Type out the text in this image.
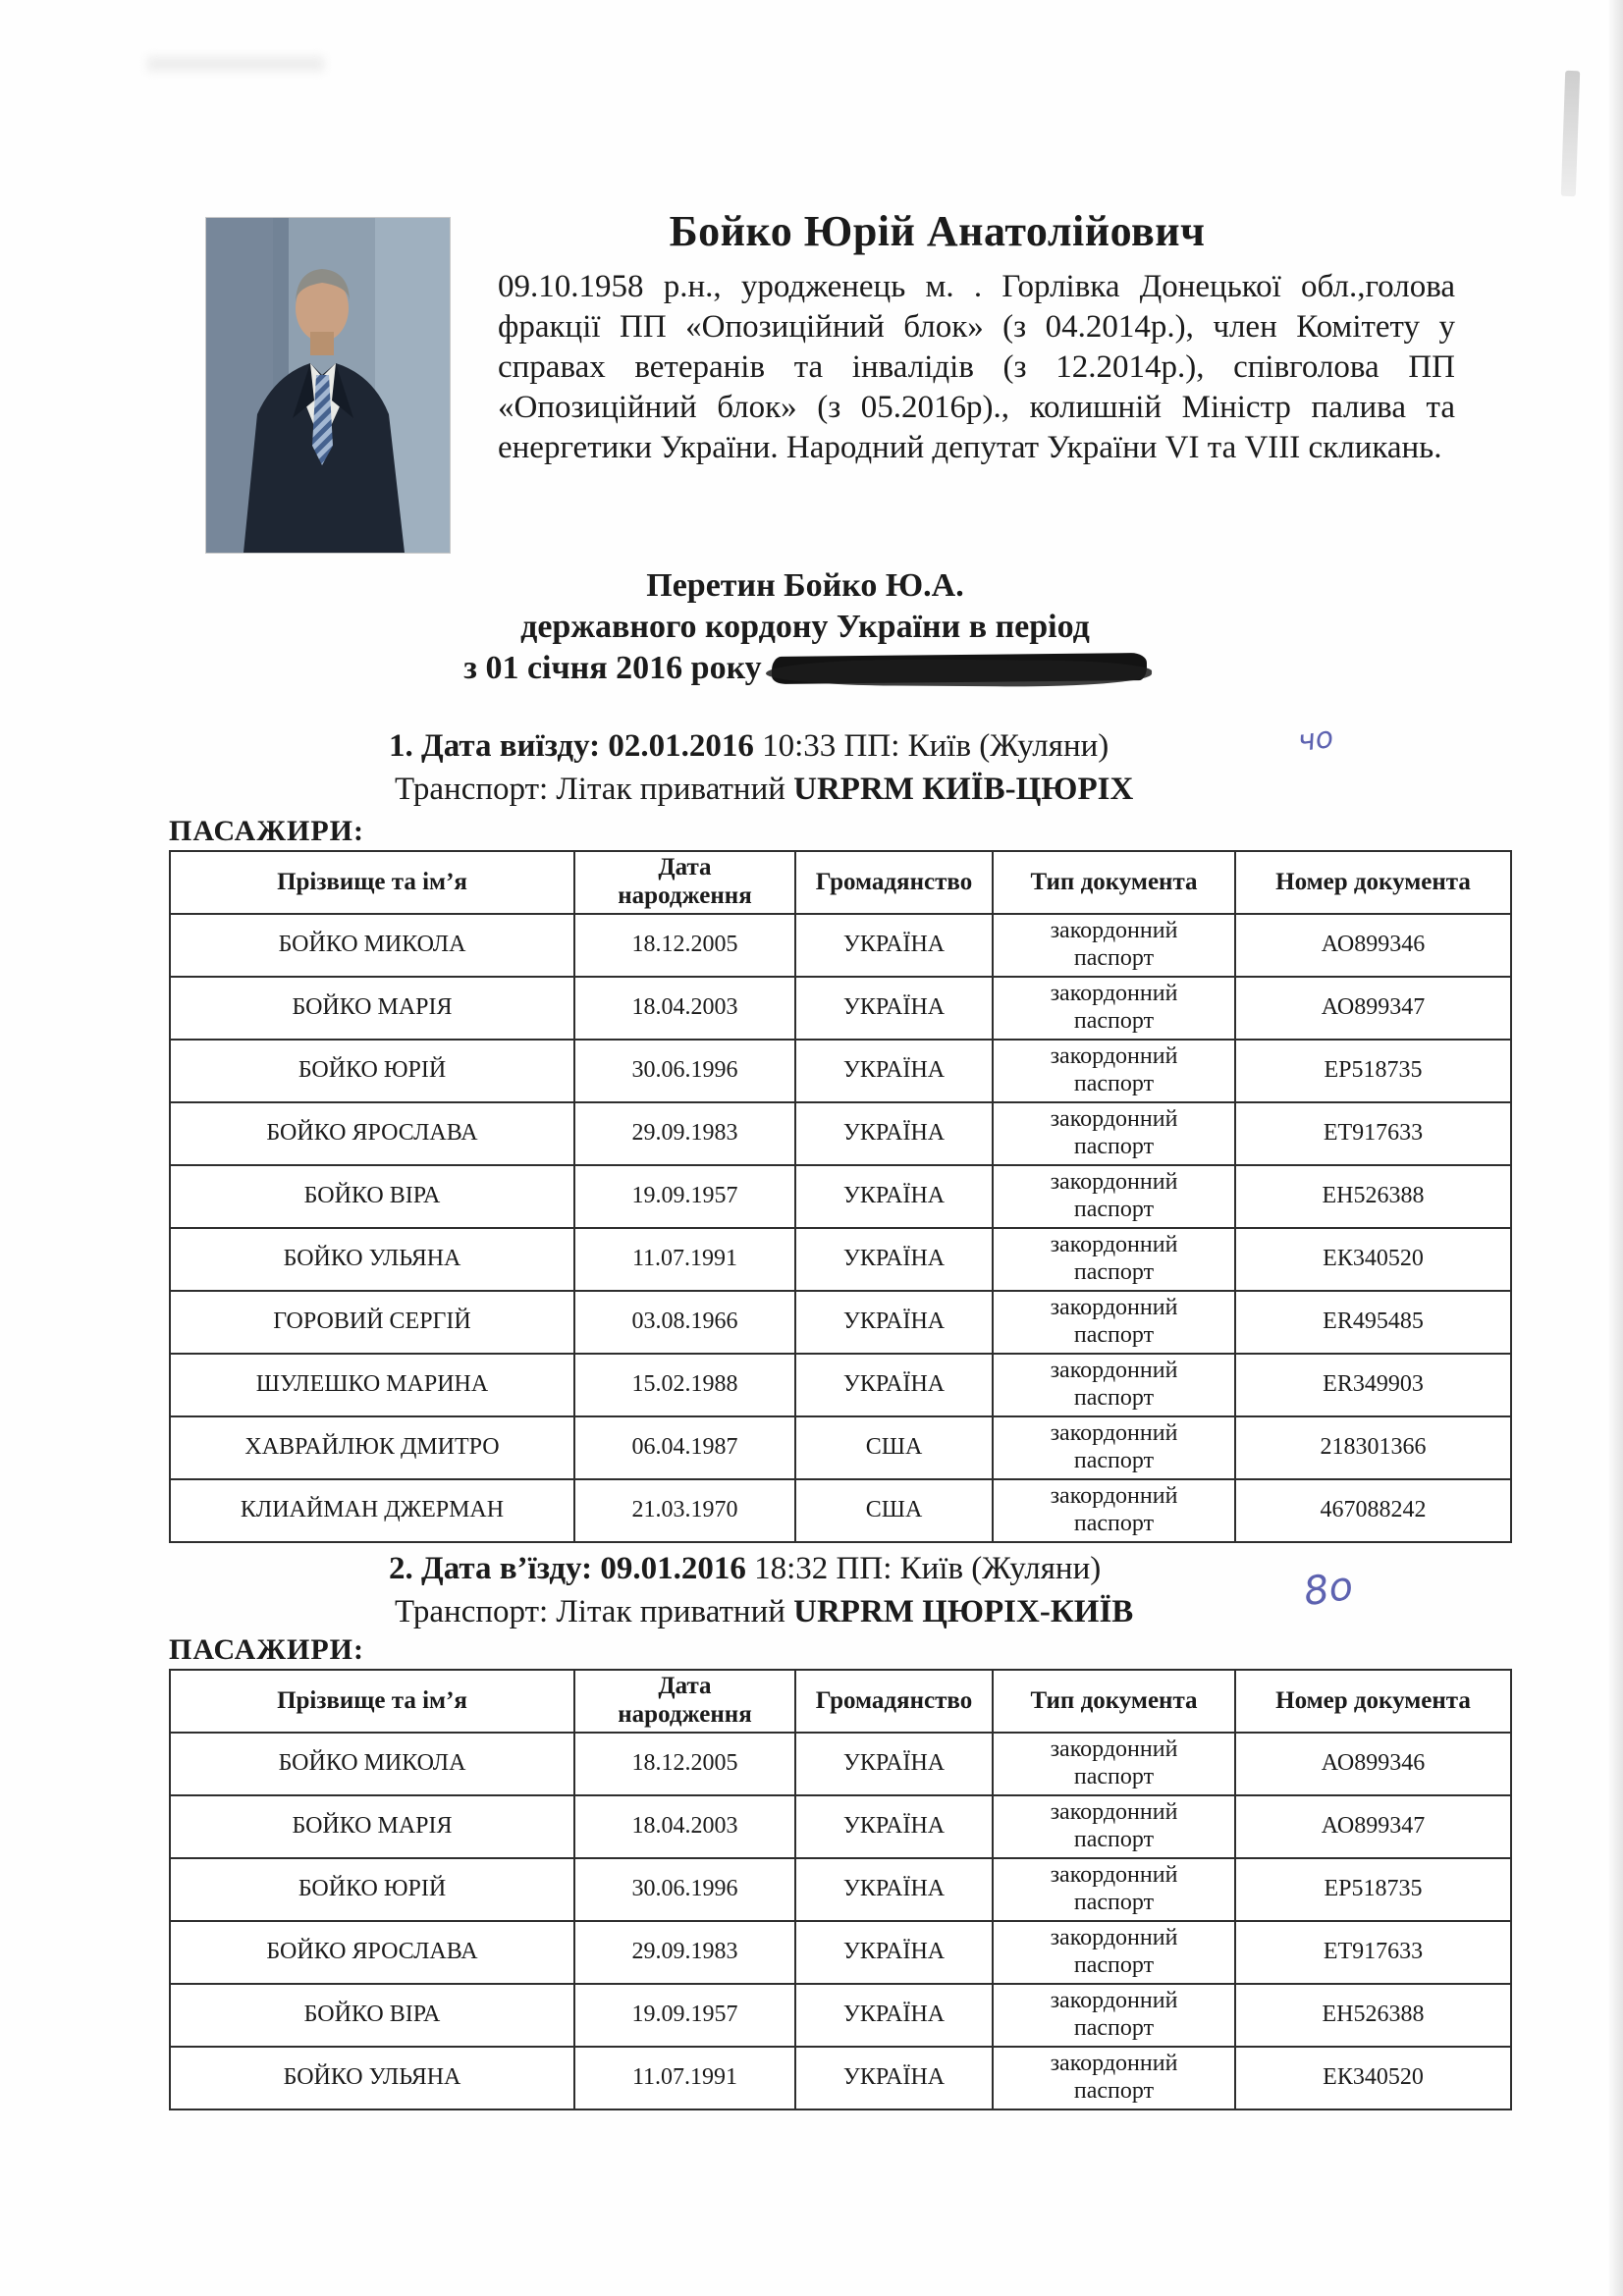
Бойко Юрій Анатолійович

09.10.1958 р.н., уродженець м. . Горлівка Донецької обл.,голова фракції ПП «Опозиційний блок» (з 04.2014р.), член Комітету у справах ветеранів та інвалідів (з 12.2014р.), співголова ПП «Опозиційний блок» (з 05.2016р)., колишній Міністр палива та енергетики України. Народний депутат України VI та VIII скликань.

Перетин Бойко Ю.А.
державного кордону України в період
з 01 січня 2016 року
чо
8о
1. Дата виїзду: 02.01.2016 10:33 ПП: Київ (Жуляни)
Транспорт: Літак приватний URPRM КИЇВ-ЦЮРІХ
ПАСАЖИРИ:
Прізвище та ім’я	Дата народження	Громадянство	Тип документа	Номер документа
БОЙКО МИКОЛА	18.12.2005	УКРАЇНА	закордонний паспорт	АО899346
БОЙКО МАРІЯ	18.04.2003	УКРАЇНА	закордонний паспорт	АО899347
БОЙКО ЮРІЙ	30.06.1996	УКРАЇНА	закордонний паспорт	ЕР518735
БОЙКО ЯРОСЛАВА	29.09.1983	УКРАЇНА	закордонний паспорт	ЕТ917633
БОЙКО ВІРА	19.09.1957	УКРАЇНА	закордонний паспорт	ЕН526388
БОЙКО УЛЬЯНА	11.07.1991	УКРАЇНА	закордонний паспорт	ЕК340520
ГОРОВИЙ СЕРГІЙ	03.08.1966	УКРАЇНА	закордонний паспорт	ER495485
ШУЛЕШКО МАРИНА	15.02.1988	УКРАЇНА	закордонний паспорт	ER349903
ХАВРАЙЛЮК ДМИТРО	06.04.1987	США	закордонний паспорт	218301366
КЛИАЙМАН ДЖЕРМАН	21.03.1970	США	закордонний паспорт	467088242
2. Дата в’їзду: 09.01.2016 18:32 ПП: Київ (Жуляни)
Транспорт: Літак приватний URPRM ЦЮРІХ-КИЇВ
ПАСАЖИРИ:
Прізвище та ім’я	Дата народження	Громадянство	Тип документа	Номер документа
БОЙКО МИКОЛА	18.12.2005	УКРАЇНА	закордонний паспорт	АО899346
БОЙКО МАРІЯ	18.04.2003	УКРАЇНА	закордонний паспорт	АО899347
БОЙКО ЮРІЙ	30.06.1996	УКРАЇНА	закордонний паспорт	ЕР518735
БОЙКО ЯРОСЛАВА	29.09.1983	УКРАЇНА	закордонний паспорт	ЕТ917633
БОЙКО ВІРА	19.09.1957	УКРАЇНА	закордонний паспорт	ЕН526388
БОЙКО УЛЬЯНА	11.07.1991	УКРАЇНА	закордонний паспорт	ЕК340520
